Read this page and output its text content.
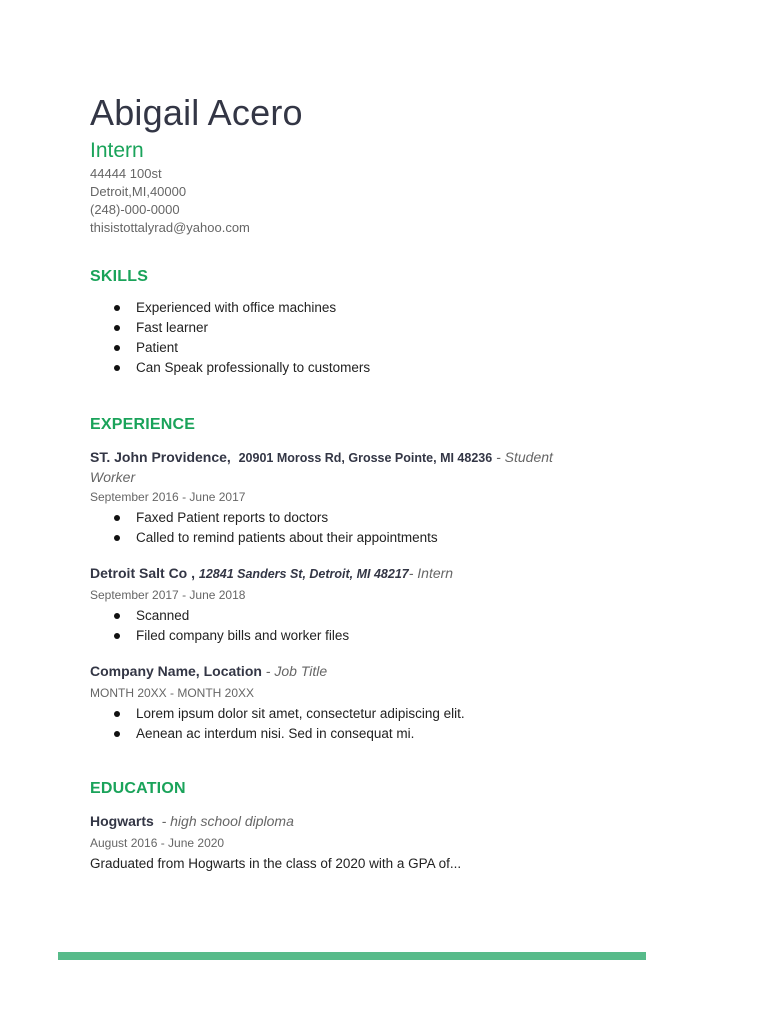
Abigail Acero
Intern
44444 100st
Detroit,MI,40000
(248)-000-0000
thisistottalyrad@yahoo.com
SKILLS
Experienced with office machines
Fast learner
Patient
Can Speak professionally to customers
EXPERIENCE
ST. John Providence, 20901 Moross Rd, Grosse Pointe, MI 48236 - Student Worker
September 2016 - June 2017
Faxed Patient reports to doctors
Called to remind patients about their appointments
Detroit Salt Co , 12841 Sanders St, Detroit, MI 48217- Intern
September 2017 - June 2018
Scanned
Filed company bills and worker files
Company Name, Location - Job Title
MONTH 20XX - MONTH 20XX
Lorem ipsum dolor sit amet, consectetur adipiscing elit.
Aenean ac interdum nisi. Sed in consequat mi.
EDUCATION
Hogwarts  - high school diploma
August 2016 - June 2020
Graduated from Hogwarts in the class of 2020 with a GPA of...
